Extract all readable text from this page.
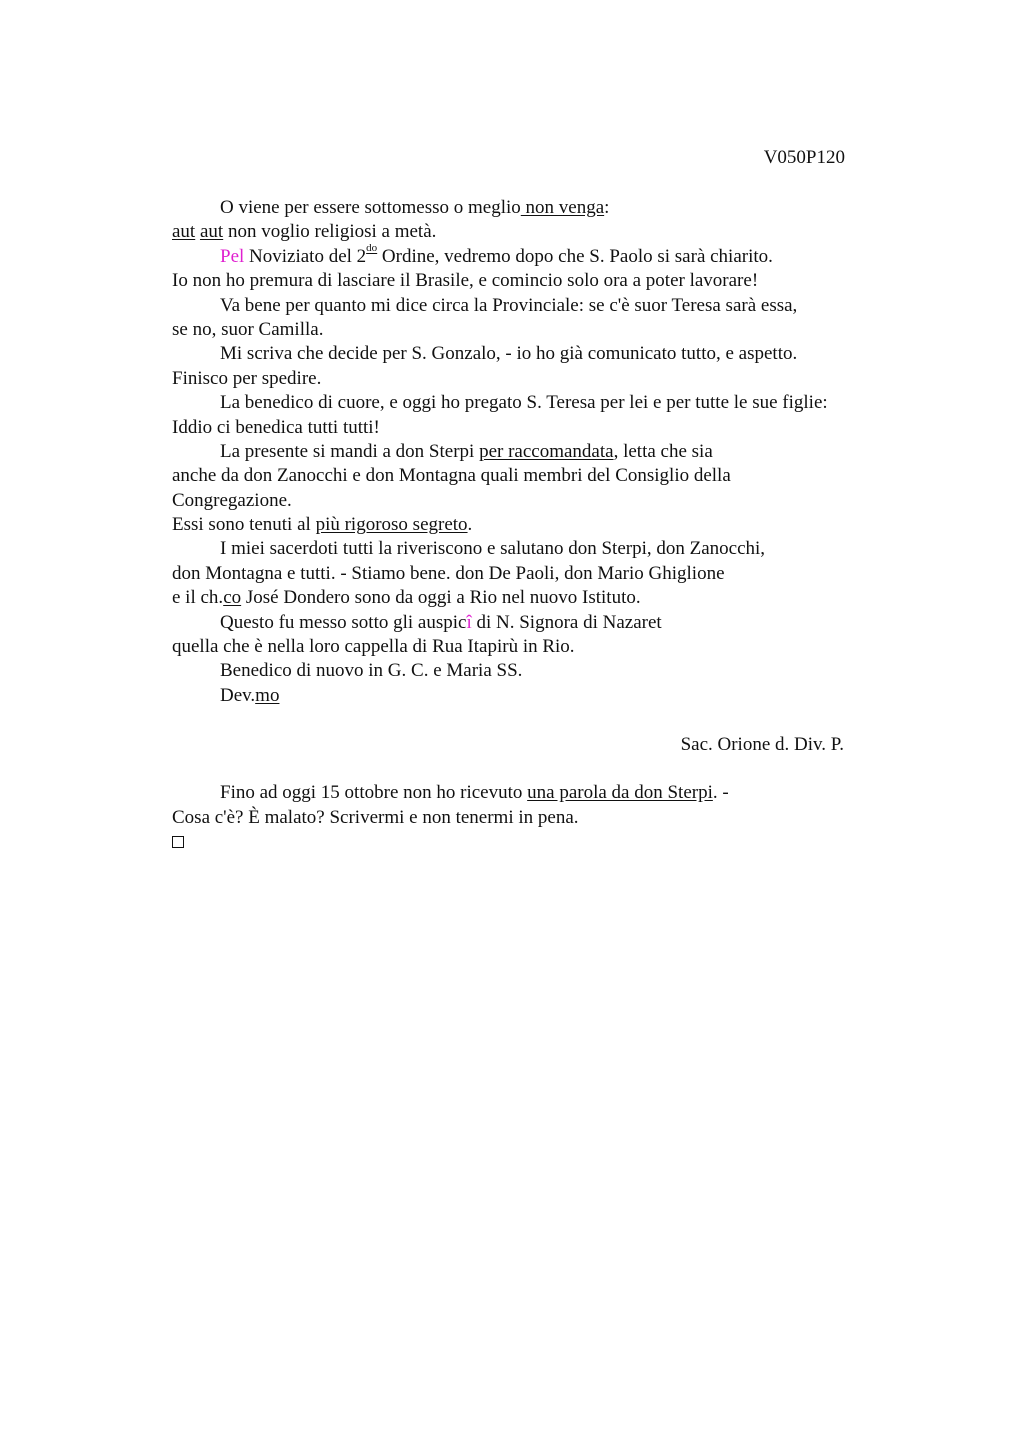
V050P120
O viene per essere sottomesso o meglio non venga:
aut aut non voglio religiosi a metà.
Pel Noviziato del $2^{do}$ Ordine, vedremo dopo che S. Paolo si sarà chiarito.
Io non ho premura di lasciare il Brasile, e comincio solo ora a poter lavorare!
Va bene per quanto mi dice circa la Provinciale: se c'è suor Teresa sarà essa,
se no, suor Camilla.
Mi scriva che decide per S. Gonzalo, - io ho già comunicato tutto, e aspetto.
Finisco per spedire.
La benedico di cuore, e oggi ho pregato S. Teresa per lei e per tutte le sue figlie:
Iddio ci benedica tutti tutti!
La presente si mandi a don Sterpi per raccomandata, letta che sia
anche da don Zanocchi e don Montagna quali membri del Consiglio della
Congregazione.
Essi sono tenuti al più rigoroso segreto.
I miei sacerdoti tutti la riveriscono e salutano don Sterpi, don Zanocchi,
don Montagna e tutti. - Stiamo bene. don De Paoli, don Mario Ghiglione
e il ch.co José Dondero sono da oggi a Rio nel nuovo Istituto.
Questo fu messo sotto gli auspicî di N. Signora di Nazaret
quella che è nella loro cappella di Rua Itapirù in Rio.
Benedico di nuovo in G. C. e Maria SS.
Dev.mo
Sac. Orione d. Div. P.
Fino ad oggi 15 ottobre non ho ricevuto una parola da don Sterpi. -
Cosa c'è? È malato? Scrivermi e non tenermi in pena.
